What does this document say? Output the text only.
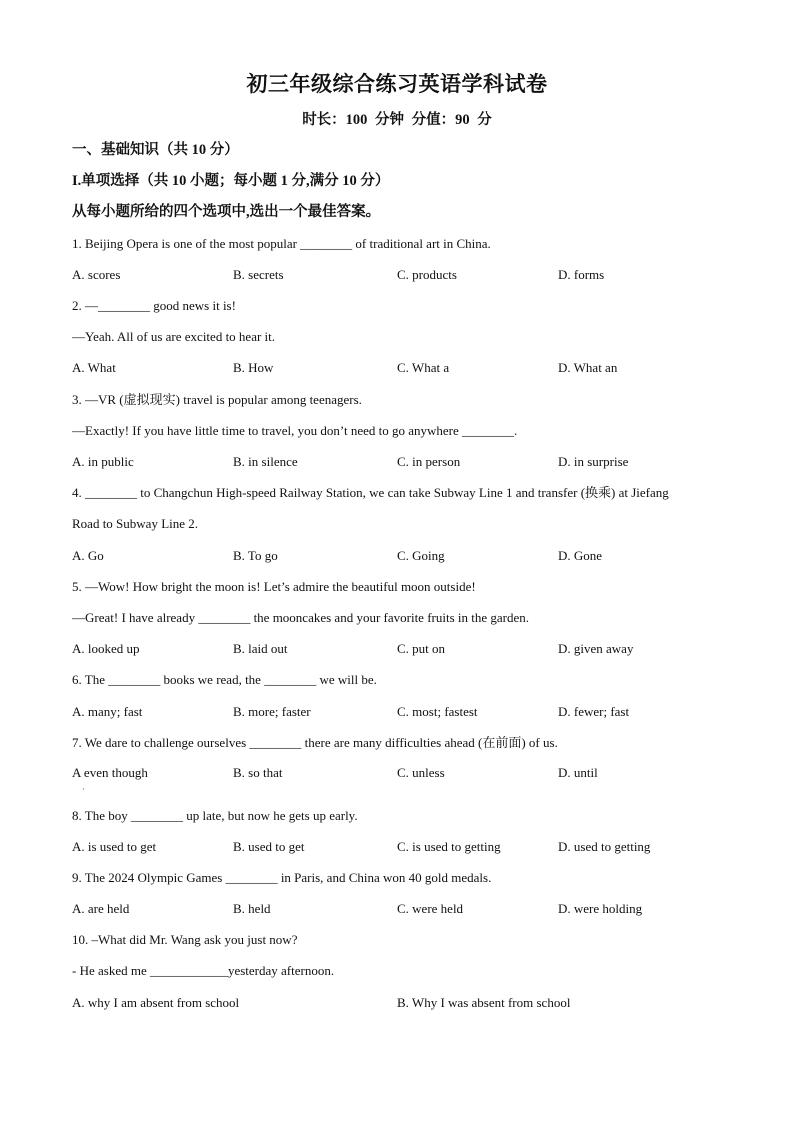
初三年级综合练习英语学科试卷
时长：100 分钟 分值：90 分
一、基础知识（共 10 分）
I.单项选择（共 10 小题；每小题 1 分,满分 10 分）
从每小题所给的四个选项中,选出一个最佳答案。
1. Beijing Opera is one of the most popular ________ of traditional art in China.
A. scores	B. secrets	C. products	D. forms
2. —________ good news it is!
—Yeah. All of us are excited to hear it.
A. What	B. How	C. What a	D. What an
3. —VR (虚拟现实) travel is popular among teenagers.
—Exactly! If you have little time to travel, you don’t need to go anywhere ________.
A. in public	B. in silence	C. in person	D. in surprise
4. ________ to Changchun High-speed Railway Station, we can take Subway Line 1 and transfer (换乘) at Jiefang
Road to Subway Line 2.
A. Go	B. To go	C. Going	D. Gone
5. —Wow! How bright the moon is! Let’s admire the beautiful moon outside!
—Great! I have already ________ the mooncakes and your favorite fruits in the garden.
A. looked up	B. laid out	C. put on	D. given away
6. The ________ books we read, the ________ we will be.
A. many; fast	B. more; faster	C. most; fastest	D. fewer; fast
7. We dare to challenge ourselves ________ there are many difficulties ahead (在前面) of us.
A even though	B. so that	C. unless	D. until
·
8. The boy ________ up late, but now he gets up early.
A. is used to get	B. used to get	C. is used to getting	D. used to getting
9. The 2024 Olympic Games ________ in Paris, and China won 40 gold medals.
A. are held	B. held	C. were held	D. were holding
10. –What did Mr. Wang ask you just now?
- He asked me ____________yesterday afternoon.
A. why I am absent from school	B. Why I was absent from school
